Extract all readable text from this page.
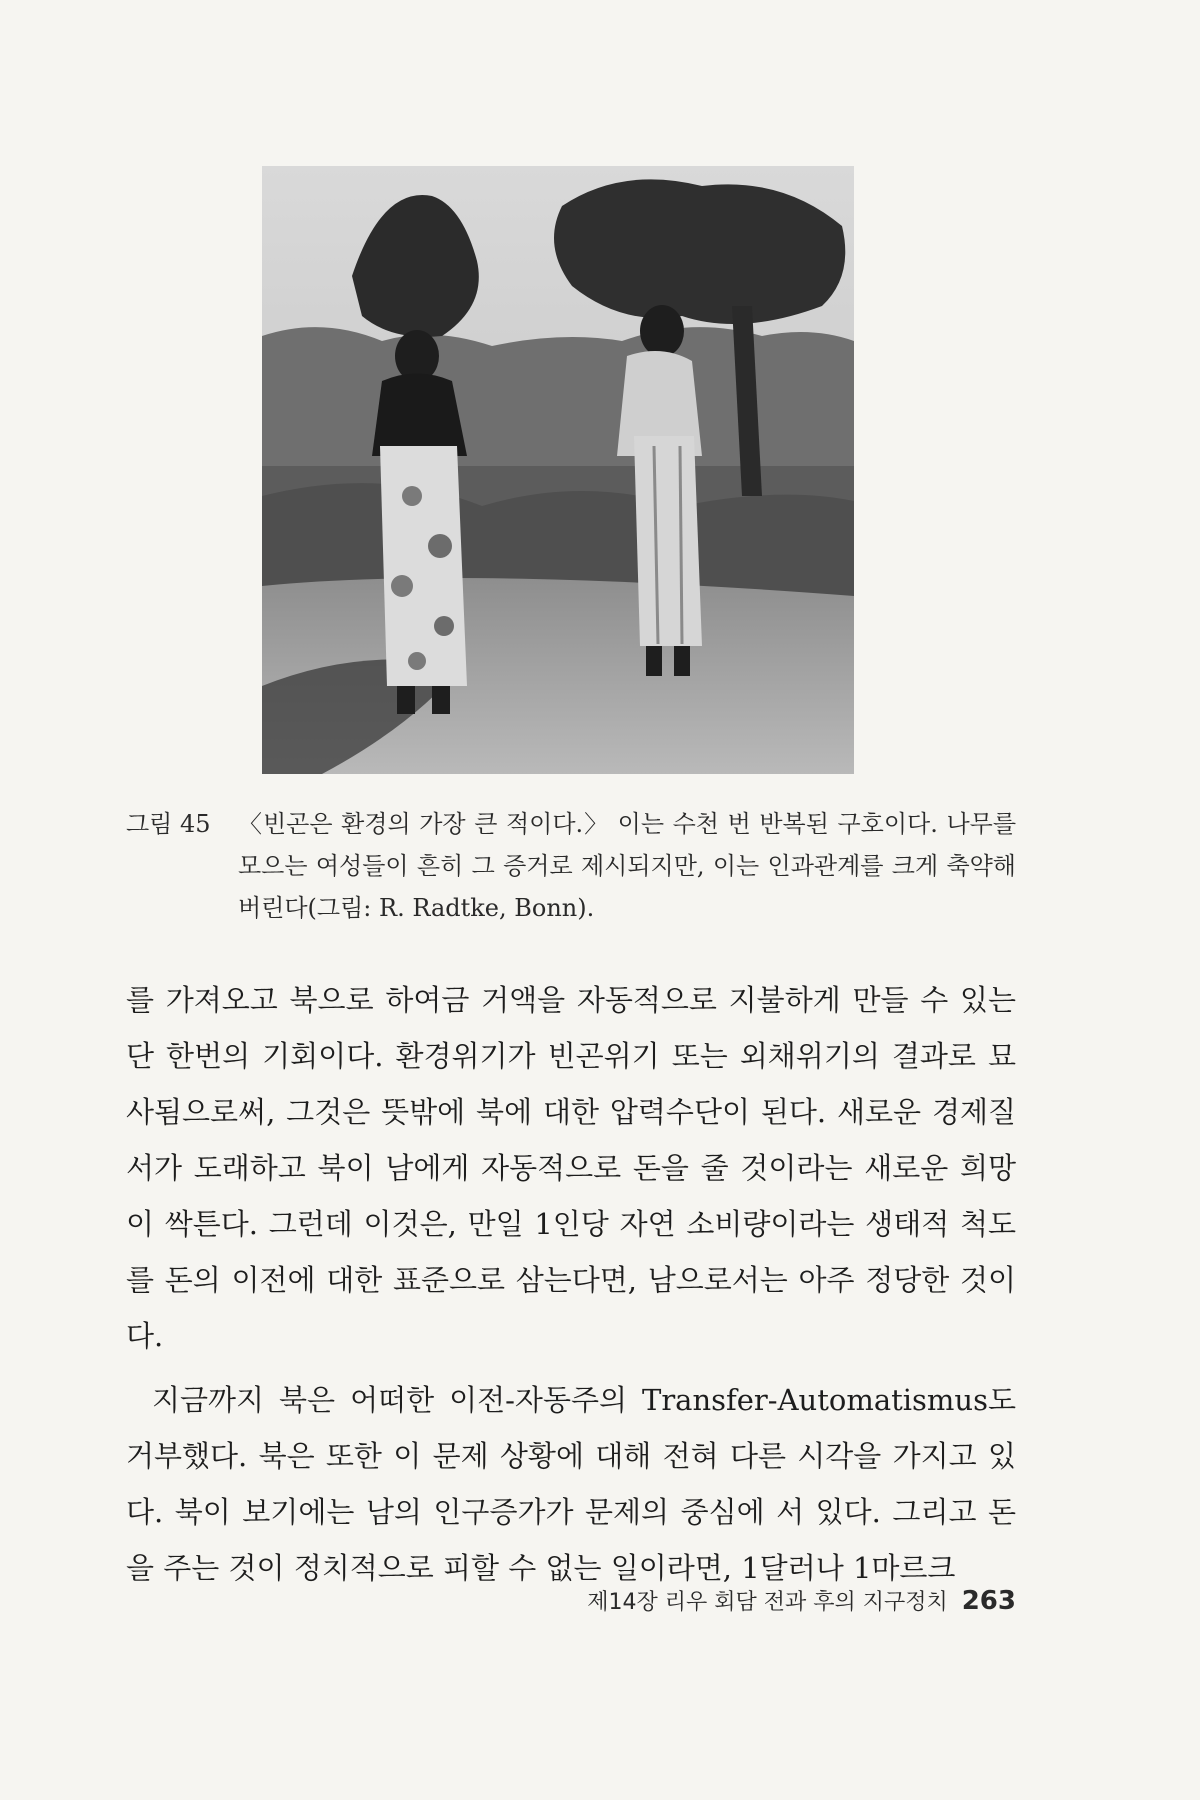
그림 45	〈빈곤은 환경의 가장 큰 적이다.〉 이는 수천 번 반복된 구호이다. 나무를 모으는 여성들이 흔히 그 증거로 제시되지만, 이는 인과관계를 크게 축약해 버린다(그림: R. Radtke, Bonn).

를 가져오고 북으로 하여금 거액을 자동적으로 지불하게 만들 수 있는 단 한번의 기회이다. 환경위기가 빈곤위기 또는 외채위기의 결과로 묘사됨으로써, 그것은 뜻밖에 북에 대한 압력수단이 된다. 새로운 경제질서가 도래하고 북이 남에게 자동적으로 돈을 줄 것이라는 새로운 희망이 싹튼다. 그런데 이것은, 만일 1인당 자연 소비량이라는 생태적 척도를 돈의 이전에 대한 표준으로 삼는다면, 남으로서는 아주 정당한 것이다.

지금까지 북은 어떠한 이전-자동주의 Transfer-Automatismus도 거부했다. 북은 또한 이 문제 상황에 대해 전혀 다른 시각을 가지고 있다. 북이 보기에는 남의 인구증가가 문제의 중심에 서 있다. 그리고 돈을 주는 것이 정치적으로 피할 수 없는 일이라면, 1달러나 1마르크

제14장 리우 회담 전과 후의 지구정치 263
